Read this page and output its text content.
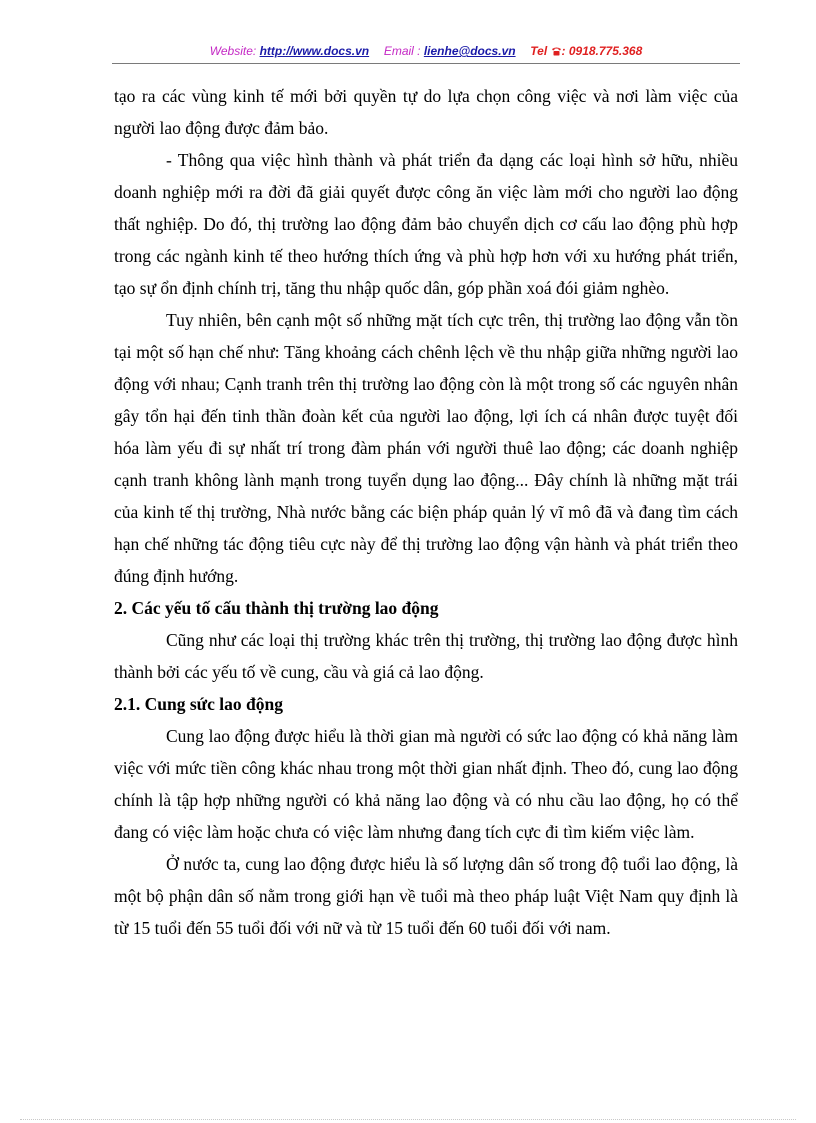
Website: http://www.docs.vn Email : lienhe@docs.vn Tel : 0918.775.368

tạo ra các vùng kinh tế mới bởi quyền tự do lựa chọn công việc và nơi làm việc của người lao động được đảm bảo.

- Thông qua việc hình thành và phát triển đa dạng các loại hình sở hữu, nhiều doanh nghiệp mới ra đời đã giải quyết được công ăn việc làm mới cho người lao động thất nghiệp. Do đó, thị trường lao động đảm bảo chuyển dịch cơ cấu lao động phù hợp trong các ngành kinh tế theo hướng thích ứng và phù hợp hơn với xu hướng phát triển, tạo sự ổn định chính trị, tăng thu nhập quốc dân, góp phần xoá đói giảm nghèo.

Tuy nhiên, bên cạnh một số những mặt tích cực trên, thị trường lao động vẫn tồn tại một số hạn chế như: Tăng khoảng cách chênh lệch về thu nhập giữa những người lao động với nhau; Cạnh tranh trên thị trường lao động còn là một trong số các nguyên nhân gây tổn hại đến tinh thần đoàn kết của người lao động, lợi ích cá nhân được tuyệt đối hóa làm yếu đi sự nhất trí trong đàm phán với người thuê lao động; các doanh nghiệp cạnh tranh không lành mạnh trong tuyển dụng lao động... Đây chính là những mặt trái của kinh tế thị trường, Nhà nước bằng các biện pháp quản lý vĩ mô đã và đang tìm cách hạn chế những tác động tiêu cực này để thị trường lao động vận hành và phát triển theo đúng định hướng.

2. Các yếu tố cấu thành thị trường lao động

Cũng như các loại thị trường khác trên thị trường, thị trường lao động được hình thành bởi các yếu tố về cung, cầu và giá cả lao động.

2.1. Cung sức lao động

Cung lao động được hiểu là thời gian mà người có sức lao động có khả năng làm việc với mức tiền công khác nhau trong một thời gian nhất định. Theo đó, cung lao động chính là tập hợp những người có khả năng lao động và có nhu cầu lao động, họ có thể đang có việc làm hoặc chưa có việc làm nhưng đang tích cực đi tìm kiếm việc làm.

Ở nước ta, cung lao động được hiểu là số lượng dân số trong độ tuổi lao động, là một bộ phận dân số nằm trong giới hạn về tuổi mà theo pháp luật Việt Nam quy định là từ 15 tuổi đến 55 tuổi đối với nữ và từ 15 tuổi đến 60 tuổi đối với nam.
